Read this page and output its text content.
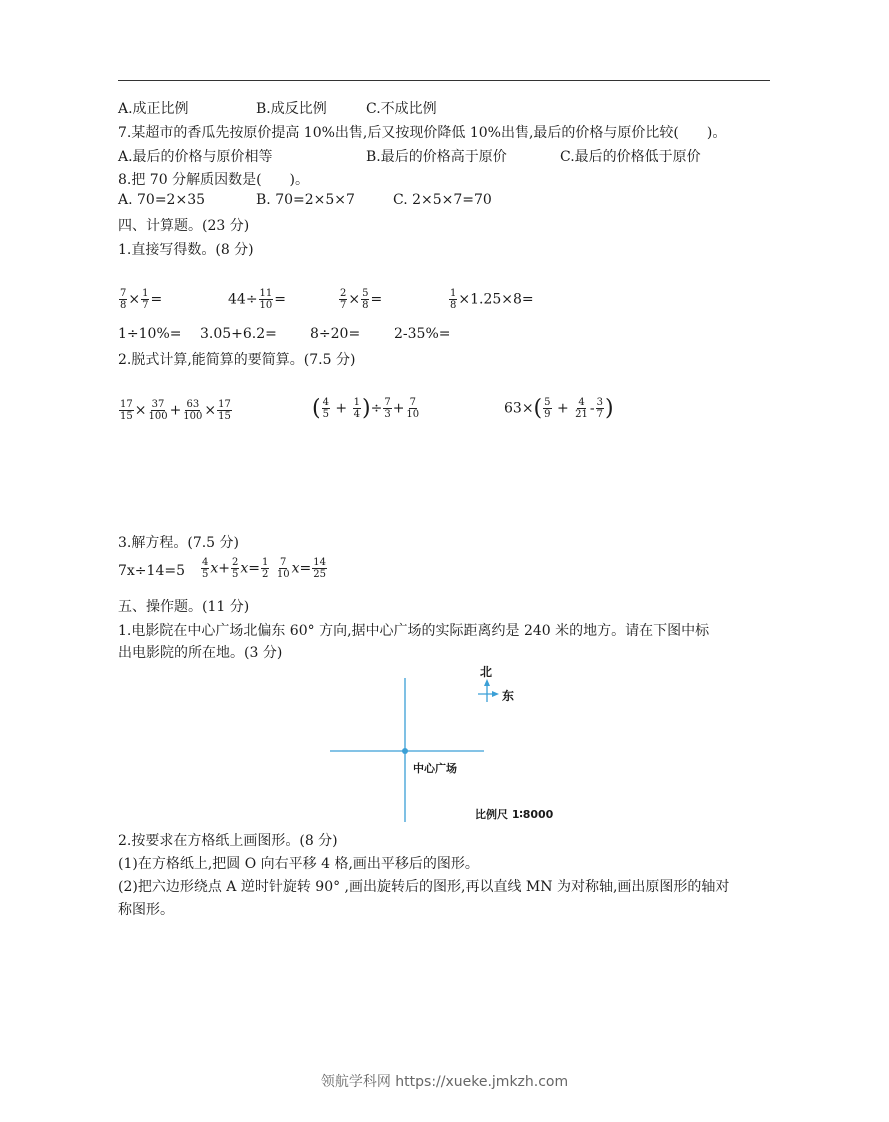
A.成正比例	B.成反比例	C.不成比例
7.某超市的香瓜先按原价提高 10%出售,后又按现价降低 10%出售,最后的价格与原价比较(　　)。
A.最后的价格与原价相等	B.最后的价格高于原价	C.最后的价格低于原价
8.把 70 分解质因数是(　　)。
A. 70=2×35	B. 70=2×5×7	C. 2×5×7=70
四、计算题。(23 分)
1.直接写得数。(8 分)
$\frac{7}{8} \times \frac{1}{7}$ =	$44\div \frac{11}{10}$ =	$\frac{2}{7} \times \frac{5}{8}$ =	$\frac{1}{8} \times 1.25\times 8=$
1÷10%= 3.05+6.2= 8÷20= 2-35%=
2.脱式计算,能简算的要简算。(7.5 分)
$\frac{17}{15} \times \frac{37}{100} + \frac{63}{100} \times \frac{17}{15}$	( $\frac{4}{5} + \frac{1}{4}$ )÷ $\frac{7}{3} + \frac{7}{10}$	$63\times( \frac{5}{9} + \frac{4}{21} - \frac{3}{7}$ )
3.解方程。(7.5 分)
$7x\div 14=5 \frac{4}{5} x+ \frac{2}{5} x= \frac{1}{2}$
$\frac{7}{10} x= \frac{14}{25}$
五、操作题。(11 分)
1.电影院在中心广场北偏东 60° 方向,据中心广场的实际距离约是 240 米的地方。请在下图中标
出电影院的所在地。(3 分)
北
东
中心广场
比例尺 1∶8000
2.按要求在方格纸上画图形。(8 分)
(1)在方格纸上,把圆 O 向右平移 4 格,画出平移后的图形。
(2)把六边形绕点 A 逆时针旋转 90° ,画出旋转后的图形,再以直线 MN 为对称轴,画出原图形的轴对
称图形。
领航学科网 https://xueke.jmkzh.com
